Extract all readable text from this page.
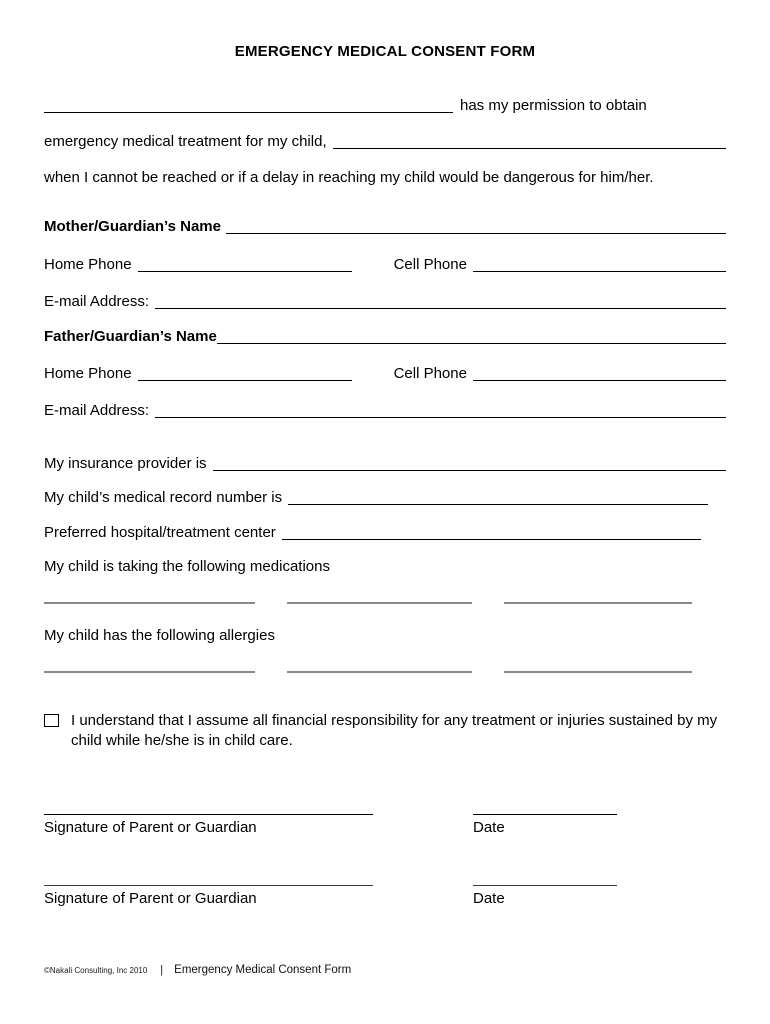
EMERGENCY MEDICAL CONSENT FORM
has my permission to obtain
emergency medical treatment for my child,
when I cannot be reached or if a delay in reaching my child would be dangerous for him/her.
Mother/Guardian’s Name
Home Phone	Cell Phone
E-mail Address:
Father/Guardian’s Name
Home Phone	Cell Phone
E-mail Address:
My insurance provider is
My child’s medical record number is
Preferred hospital/treatment center
My child is taking the following medications
My child has the following allergies
I understand that I assume all financial responsibility for any treatment or injuries sustained by my child while he/she is in child care.
Signature of Parent or Guardian	Date
Signature of Parent or Guardian	Date
©Nakali Consulting, Inc 2010 | Emergency Medical Consent Form
